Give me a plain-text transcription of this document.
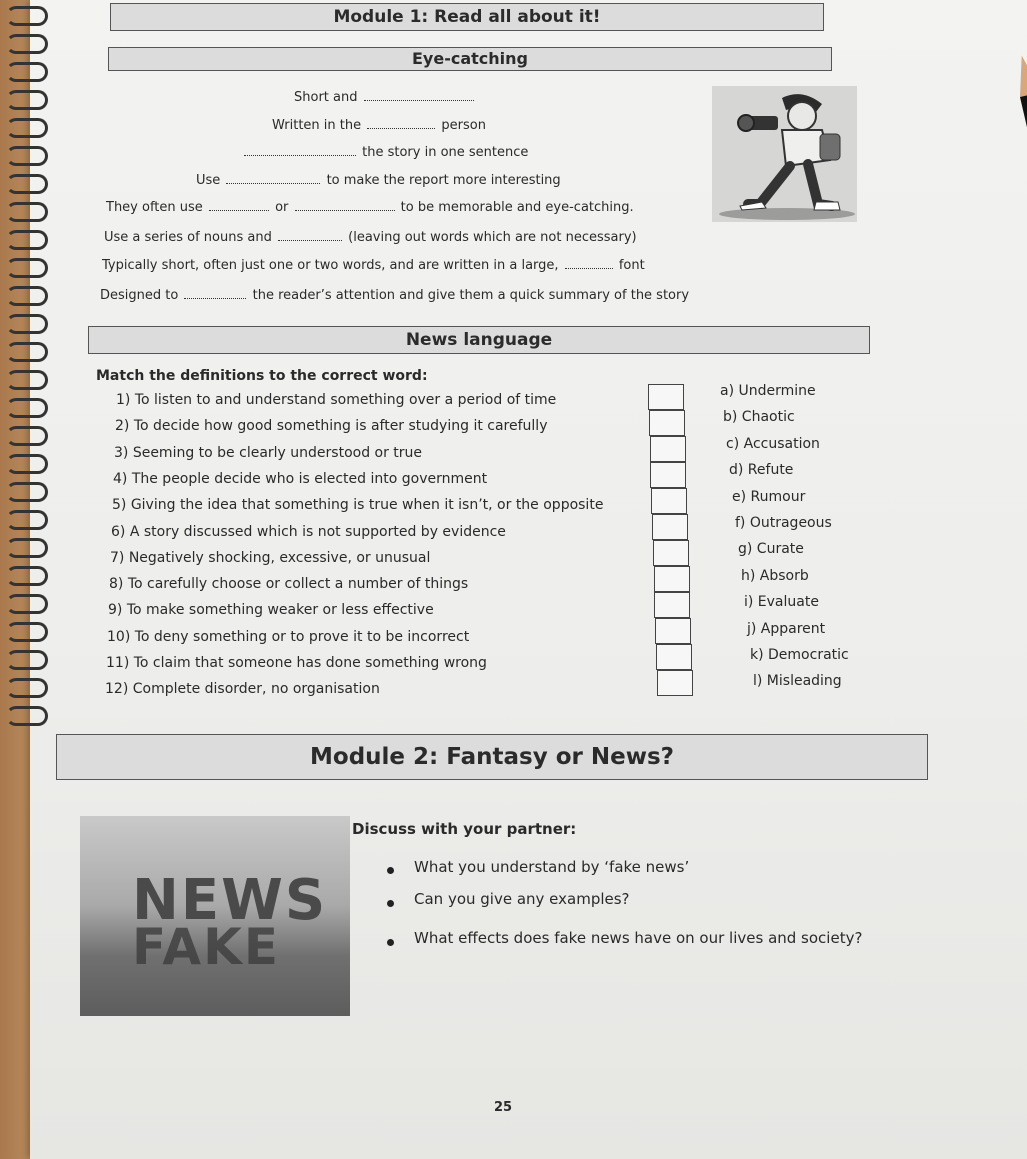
Module 1: Read all about it!
Eye-catching
Short and
Written in the	person
the story in one sentence
Use	to make the report more interesting
They often use	or	to be memorable and eye-catching.
Use a series of nouns and	(leaving out words which are not necessary)
Typically short, often just one or two words, and are written in a large,	font
Designed to	the reader’s attention and give them a quick summary of the story
News language
Match the definitions to the correct word:
1) To listen to and understand something over a period of time
2) To decide how good something is after studying it carefully
3) Seeming to be clearly understood or true
4) The people decide who is elected into government
5) Giving the idea that something is true when it isn’t, or the opposite
6) A story discussed which is not supported by evidence
7) Negatively shocking, excessive, or unusual
8) To carefully choose or collect a number of things
9) To make something weaker or less effective
10) To deny something or to prove it to be incorrect
11) To claim that someone has done something wrong
12) Complete disorder, no organisation
a) Undermine
b) Chaotic
c) Accusation
d) Refute
e) Rumour
f) Outrageous
g) Curate
h) Absorb
i) Evaluate
j) Apparent
k) Democratic
l) Misleading
Module 2: Fantasy or News?
NEWS
FAKE
Discuss with your partner:
What you understand by ‘fake news’
Can you give any examples?
What effects does fake news have on our lives and society?
25
